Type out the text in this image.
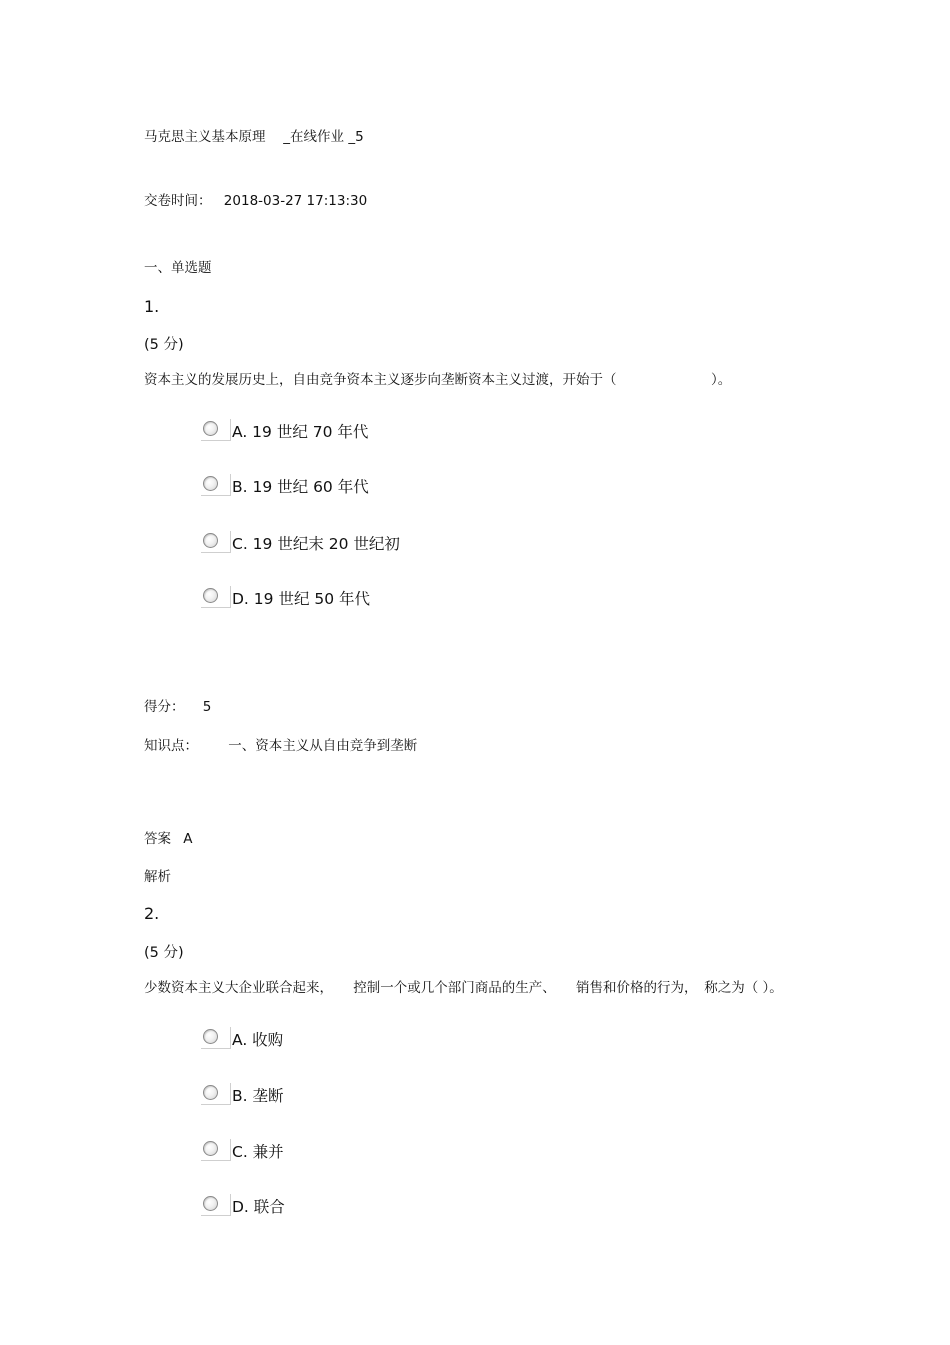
马克思主义基本原理　 _在线作业 _5
交卷时间： 2018-03-27 17:13:30
一、单选题
1.
(5 分)
资本主义的发展历史上，自由竞争资本主义逐步向垄断资本主义过渡，开始于（　　　　　　　）。
A. 19 世纪 70 年代
B. 19 世纪 60 年代
C. 19 世纪末 20 世纪初
D. 19 世纪 50 年代
得分： 5
知识点： 一、资本主义从自由竞争到垄断
答案 A
解析
2.
(5 分)
少数资本主义大企业联合起来，　　控制一个或几个部门商品的生产、　　销售和价格的行为，　称之为（ ）。
A. 收购
B. 垄断
C. 兼并
D. 联合
